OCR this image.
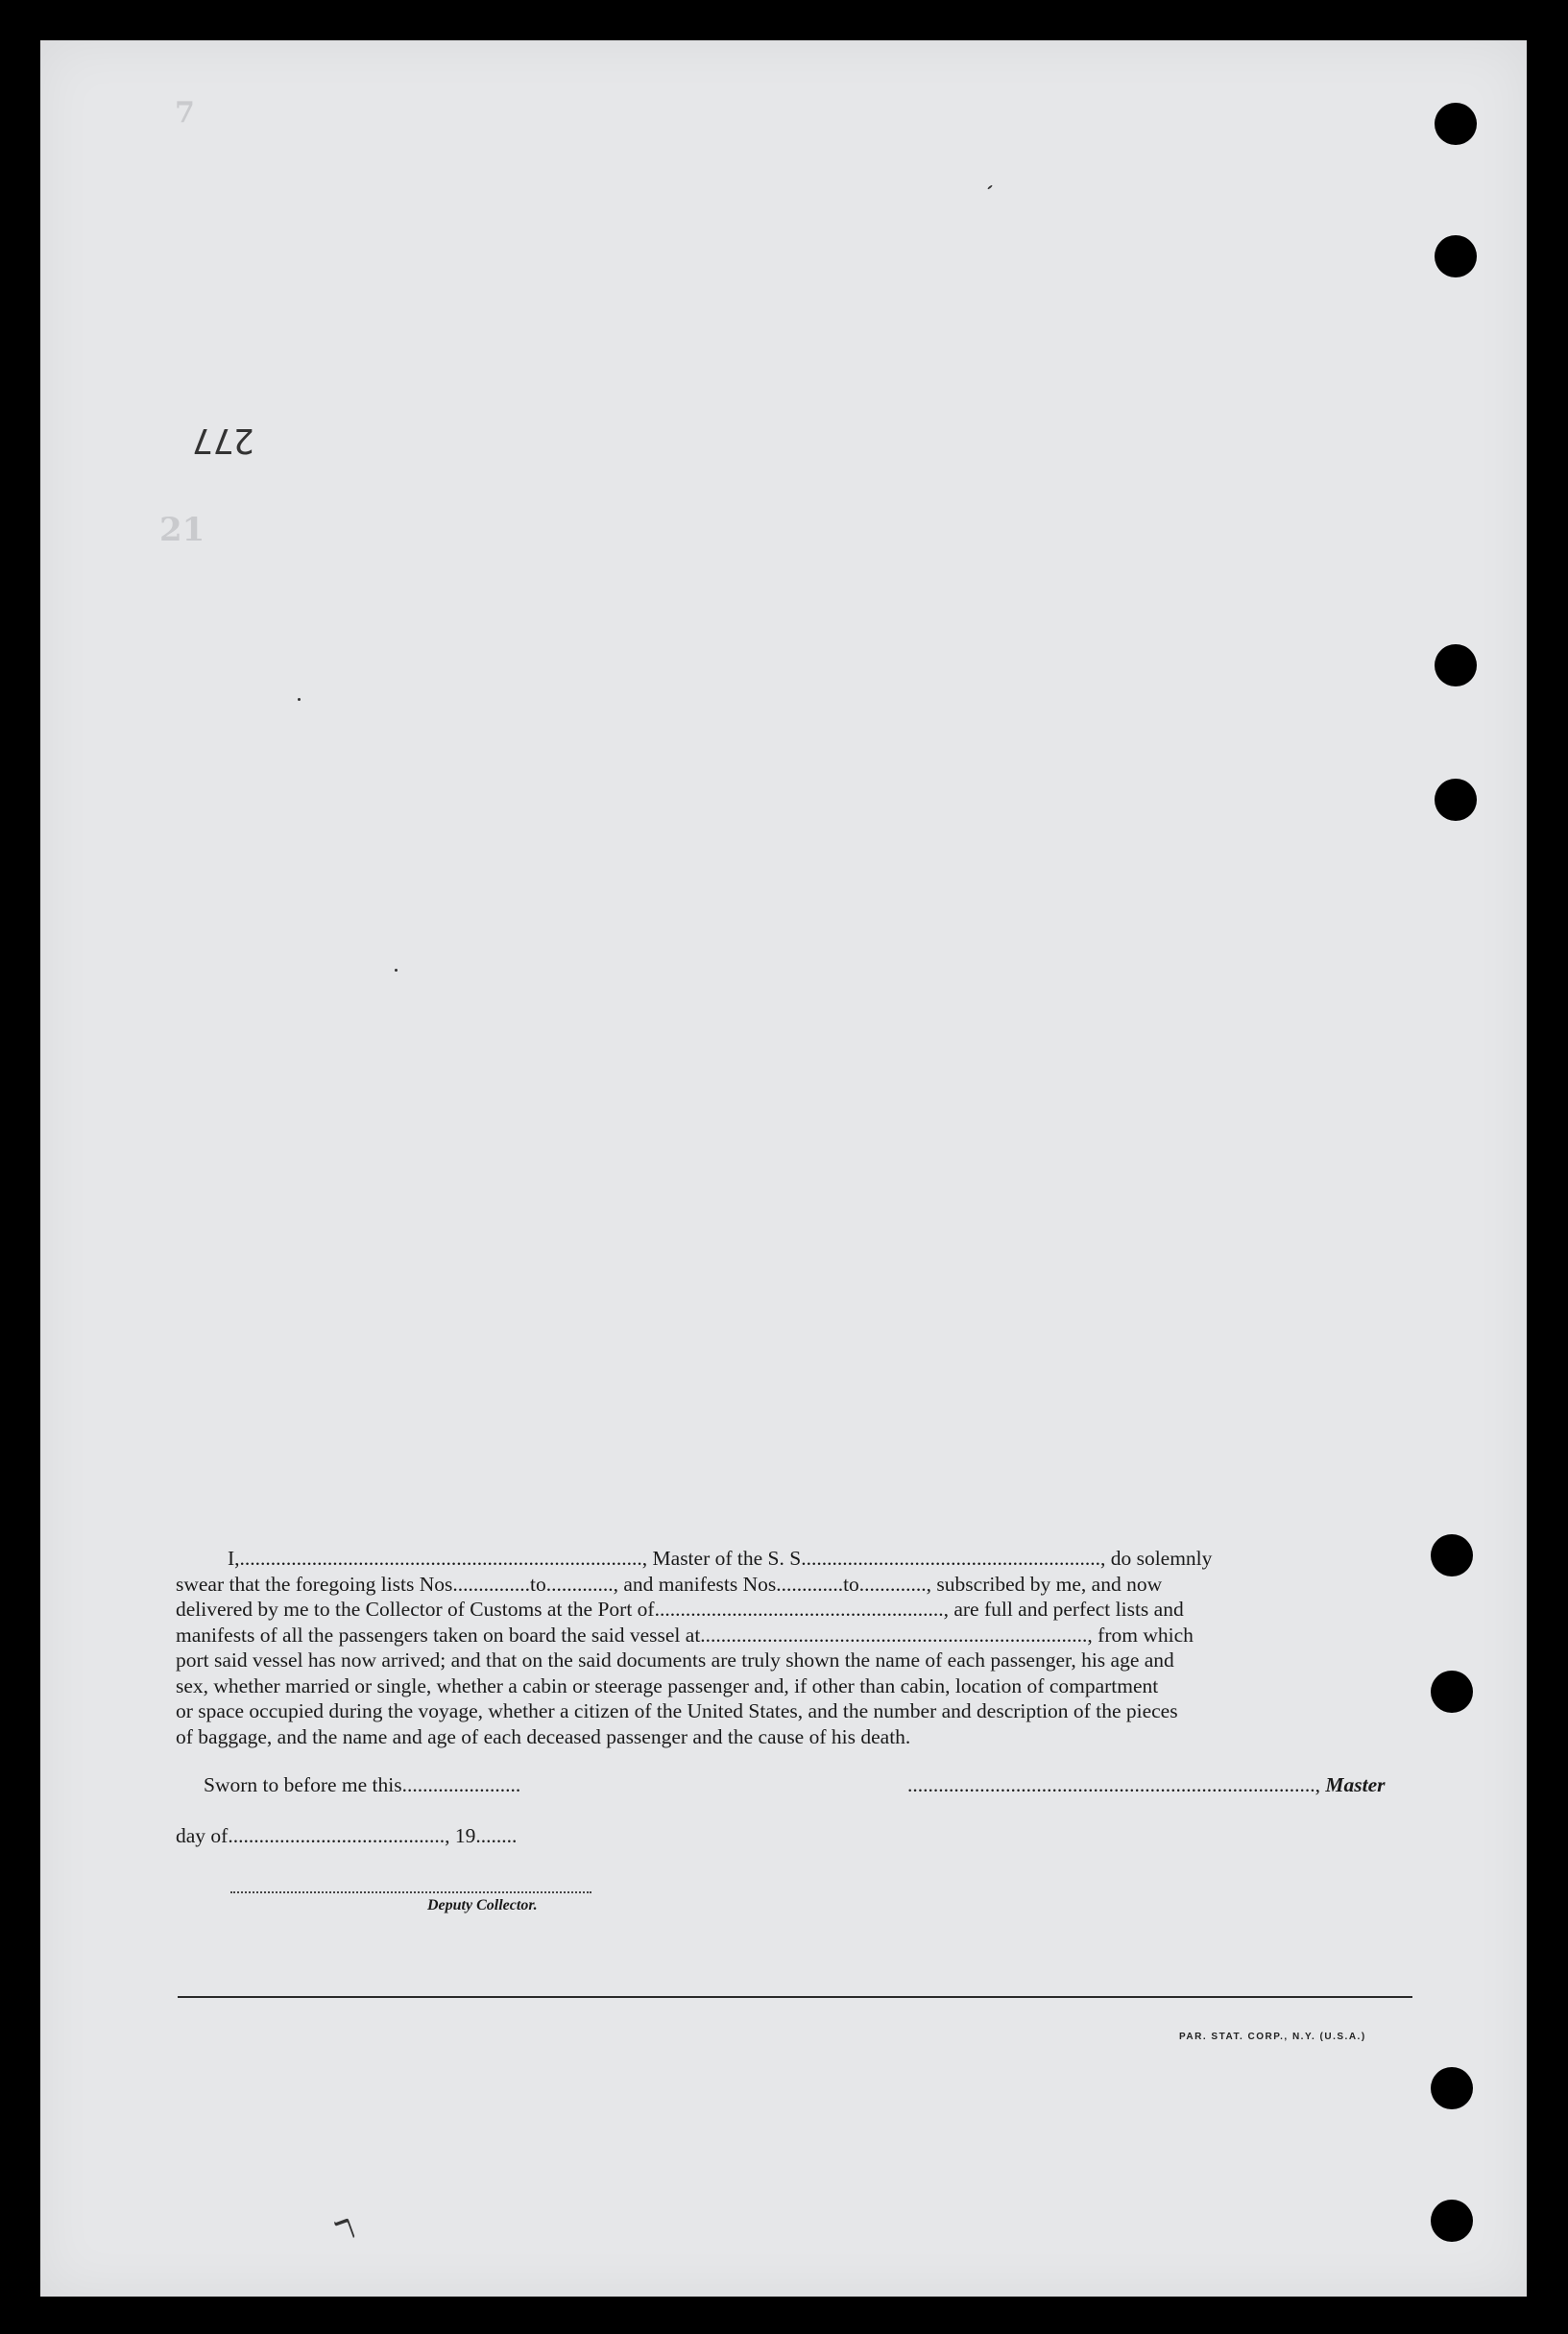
277
21
7
ר
I,.............................................................................., Master of the S. S.........................................................., do solemnly
swear that the foregoing lists Nos...............to............., and manifests Nos.............to............., subscribed by me, and now
delivered by me to the Collector of Customs at the Port of........................................................, are full and perfect lists and
manifests of all the passengers taken on board the said vessel at..........................................................................., from which
port said vessel has now arrived; and that on the said documents are truly shown the name of each passenger, his age and
sex, whether married or single, whether a cabin or steerage passenger and, if other than cabin, location of compartment
or space occupied during the voyage, whether a citizen of the United States, and the number and description of the pieces
of baggage, and the name and age of each deceased passenger and the cause of his death.
Sworn to before me this.......................	..............................................................................., Master
day of.........................................., 19........
Deputy Collector.
PAR. STAT. CORP., N.Y. (U.S.A.)
